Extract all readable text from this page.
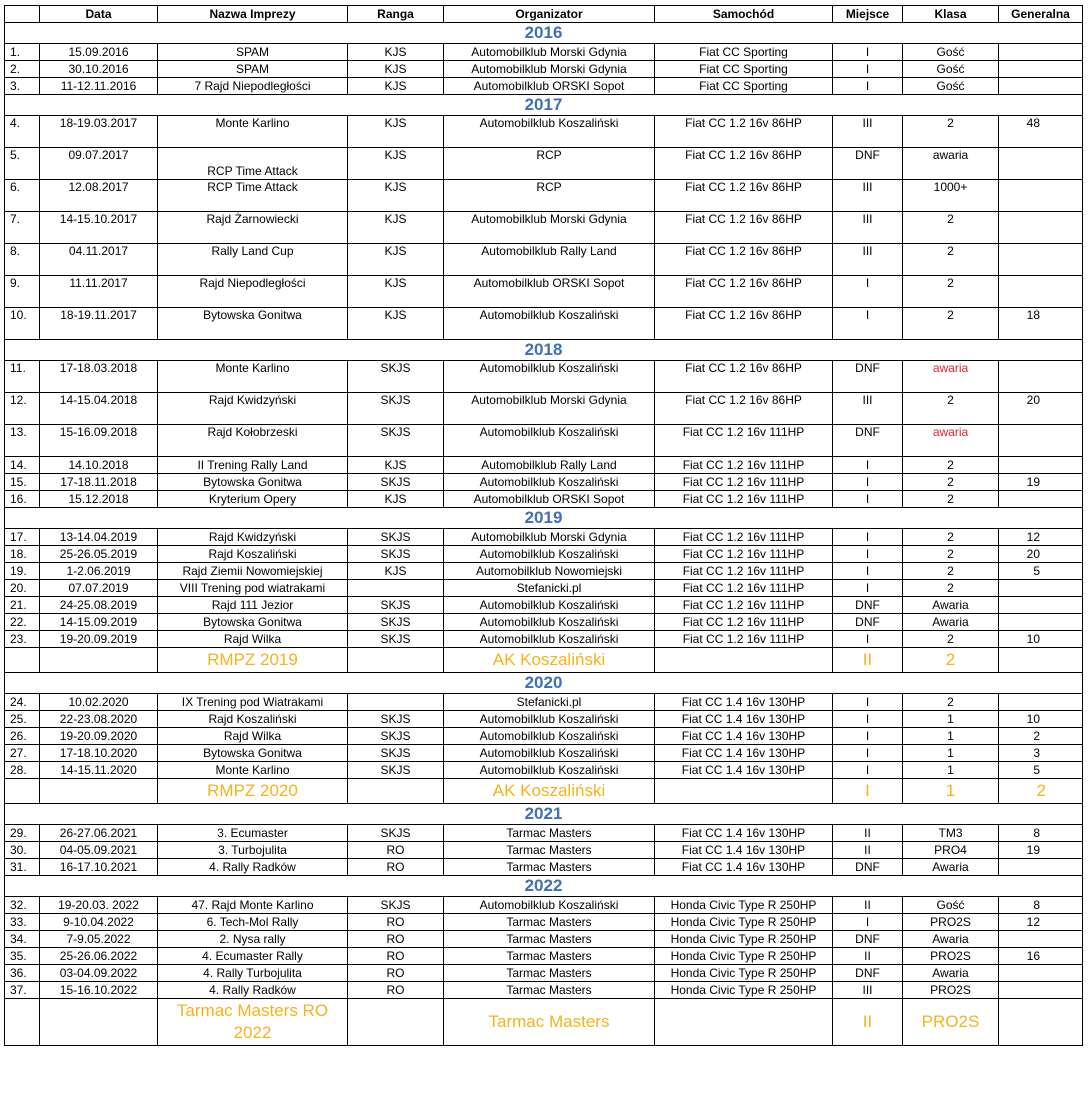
	Data	Nazwa Imprezy	Ranga	Organizator	Samochód	Miejsce	Klasa	Generalna
2016								
1.	15.09.2016	SPAM	KJS	Automobilklub Morski Gdynia	Fiat CC Sporting	I	Gość	
2.	30.10.2016	SPAM	KJS	Automobilklub Morski Gdynia	Fiat CC Sporting	I	Gość	
3.	11-12.11.2016	7 Rajd Niepodległości	KJS	Automobilklub ORSKI Sopot	Fiat CC Sporting	I	Gość	
2017								
4.	18-19.03.2017	Monte Karlino	KJS	Automobilklub Koszaliński	Fiat CC 1.2 16v 86HP	III	2	48
5.	09.07.2017	RCP Time Attack	KJS	RCP	Fiat CC 1.2 16v 86HP	DNF	awaria	
6.	12.08.2017	RCP Time Attack	KJS	RCP	Fiat CC 1.2 16v 86HP	III	1000+	
7.	14-15.10.2017	Rajd Żarnowiecki	KJS	Automobilklub Morski Gdynia	Fiat CC 1.2 16v 86HP	III	2	
8.	04.11.2017	Rally Land Cup	KJS	Automobilklub Rally Land	Fiat CC 1.2 16v 86HP	III	2	
9.	11.11.2017	Rajd Niepodległości	KJS	Automobilklub ORSKI Sopot	Fiat CC 1.2 16v 86HP	I	2	
10.	18-19.11.2017	Bytowska Gonitwa	KJS	Automobilklub Koszaliński	Fiat CC 1.2 16v 86HP	I	2	18
2018								
11.	17-18.03.2018	Monte Karlino	SKJS	Automobilklub Koszaliński	Fiat CC 1.2 16v 86HP	DNF	awaria	
12.	14-15.04.2018	Rajd Kwidzyński	SKJS	Automobilklub Morski Gdynia	Fiat CC 1.2 16v 86HP	III	2	20
13.	15-16.09.2018	Rajd Kołobrzeski	SKJS	Automobilklub Koszaliński	Fiat CC 1.2 16v 111HP	DNF	awaria	
14.	14.10.2018	II Trening Rally Land	KJS	Automobilklub Rally Land	Fiat CC 1.2 16v 111HP	I	2	
15.	17-18.11.2018	Bytowska Gonitwa	SKJS	Automobilklub Koszaliński	Fiat CC 1.2 16v 111HP	I	2	19
16.	15.12.2018	Kryterium Opery	KJS	Automobilklub ORSKI Sopot	Fiat CC 1.2 16v 111HP	I	2	
2019								
17.	13-14.04.2019	Rajd Kwidzyński	SKJS	Automobilklub Morski Gdynia	Fiat CC 1.2 16v 111HP	I	2	12
18.	25-26.05.2019	Rajd Koszaliński	SKJS	Automobilklub Koszaliński	Fiat CC 1.2 16v 111HP	I	2	20
19.	1-2.06.2019	Rajd Ziemii Nowomiejskiej	KJS	Automobilklub Nowomiejski	Fiat CC 1.2 16v 111HP	I	2	5
20.	07.07.2019	VIII Trening pod wiatrakami		Stefanicki.pl	Fiat CC 1.2 16v 111HP	I	2	
21.	24-25.08.2019	Rajd 111 Jezior	SKJS	Automobilklub Koszaliński	Fiat CC 1.2 16v 111HP	DNF	Awaria	
22.	14-15.09.2019	Bytowska Gonitwa	SKJS	Automobilklub Koszaliński	Fiat CC 1.2 16v 111HP	DNF	Awaria	
23.	19-20.09.2019	Rajd Wilka	SKJS	Automobilklub Koszaliński	Fiat CC 1.2 16v 111HP	I	2	10
		RMPZ 2019		AK Koszaliński		II	2	
2020								
24.	10.02.2020	IX Trening pod Wiatrakami		Stefanicki.pl	Fiat CC 1.4 16v 130HP	I	2	
25.	22-23.08.2020	Rajd Koszaliński	SKJS	Automobilklub Koszaliński	Fiat CC 1.4 16v 130HP	I	1	10
26.	19-20.09.2020	Rajd Wilka	SKJS	Automobilklub Koszaliński	Fiat CC 1.4 16v 130HP	I	1	2
27.	17-18.10.2020	Bytowska Gonitwa	SKJS	Automobilklub Koszaliński	Fiat CC 1.4 16v 130HP	I	1	3
28.	14-15.11.2020	Monte Karlino	SKJS	Automobilklub Koszaliński	Fiat CC 1.4 16v 130HP	I	1	5
		RMPZ 2020		AK Koszaliński		I	1	2
2021								
29.	26-27.06.2021	3. Ecumaster	SKJS	Tarmac Masters	Fiat CC 1.4 16v 130HP	II	TM3	8
30.	04-05.09.2021	3. Turbojulita	RO	Tarmac Masters	Fiat CC 1.4 16v 130HP	II	PRO4	19
31.	16-17.10.2021	4. Rally Radków	RO	Tarmac Masters	Fiat CC 1.4 16v 130HP	DNF	Awaria	
2022								
32.	19-20.03. 2022	47. Rajd Monte Karlino	SKJS	Automobilklub Koszaliński	Honda Civic Type R 250HP	II	Gość	8
33.	9-10.04.2022	6. Tech-Mol Rally	RO	Tarmac Masters	Honda Civic Type R 250HP	I	PRO2S	12
34.	7-9.05.2022	2. Nysa rally	RO	Tarmac Masters	Honda Civic Type R 250HP	DNF	Awaria	
35.	25-26.06.2022	4. Ecumaster Rally	RO	Tarmac Masters	Honda Civic Type R 250HP	II	PRO2S	16
36.	03-04.09.2022	4. Rally Turbojulita	RO	Tarmac Masters	Honda Civic Type R 250HP	DNF	Awaria	
37.	15-16.10.2022	4. Rally Radków	RO	Tarmac Masters	Honda Civic Type R 250HP	III	PRO2S	
		Tarmac Masters RO 2022		Tarmac Masters		II	PRO2S	
